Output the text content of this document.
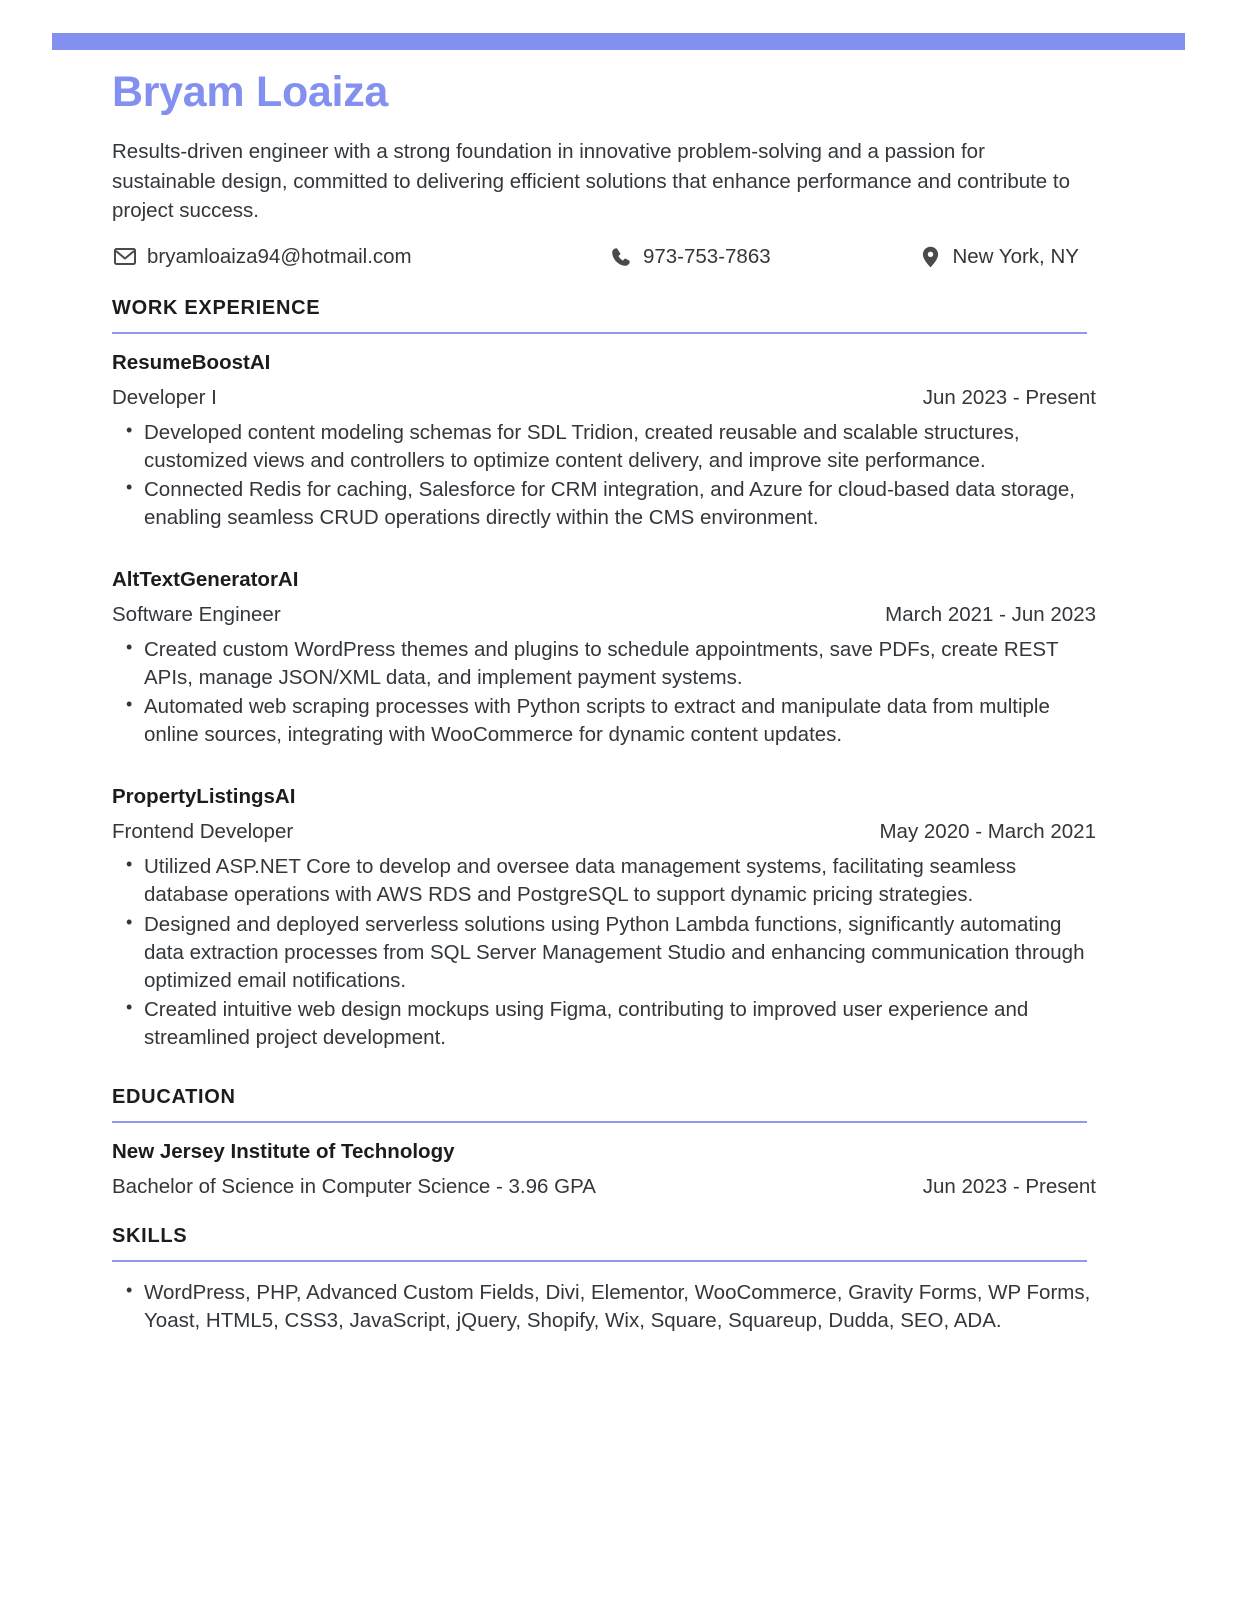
Bryam Loaiza
Results-driven engineer with a strong foundation in innovative problem-solving and a passion for sustainable design, committed to delivering efficient solutions that enhance performance and contribute to project success.
bryamloaiza94@hotmail.com	973-753-7863	New York, NY
WORK EXPERIENCE
ResumeBoostAI
Developer I	Jun 2023 - Present
• Developed content modeling schemas for SDL Tridion, created reusable and scalable structures, customized views and controllers to optimize content delivery, and improve site performance.
• Connected Redis for caching, Salesforce for CRM integration, and Azure for cloud-based data storage, enabling seamless CRUD operations directly within the CMS environment.
AltTextGeneratorAI
Software Engineer	March 2021 - Jun 2023
• Created custom WordPress themes and plugins to schedule appointments, save PDFs, create REST APIs, manage JSON/XML data, and implement payment systems.
• Automated web scraping processes with Python scripts to extract and manipulate data from multiple online sources, integrating with WooCommerce for dynamic content updates.
PropertyListingsAI
Frontend Developer	May 2020 - March 2021
• Utilized ASP.NET Core to develop and oversee data management systems, facilitating seamless database operations with AWS RDS and PostgreSQL to support dynamic pricing strategies.
• Designed and deployed serverless solutions using Python Lambda functions, significantly automating data extraction processes from SQL Server Management Studio and enhancing communication through optimized email notifications.
• Created intuitive web design mockups using Figma, contributing to improved user experience and streamlined project development.
EDUCATION
New Jersey Institute of Technology
Bachelor of Science in Computer Science - 3.96 GPA	Jun 2023 - Present
SKILLS
• WordPress, PHP, Advanced Custom Fields, Divi, Elementor, WooCommerce, Gravity Forms, WP Forms, Yoast, HTML5, CSS3, JavaScript, jQuery, Shopify, Wix, Square, Squareup, Dudda, SEO, ADA.
